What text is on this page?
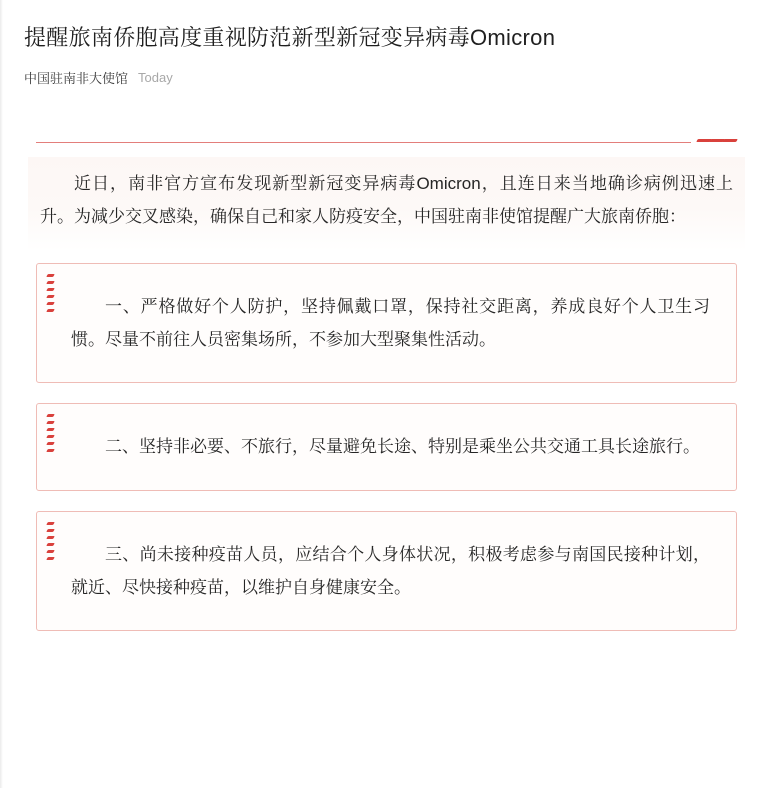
提醒旅南侨胞高度重视防范新型新冠变异病毒Omicron
中国驻南非大使馆 Today

近日，南非官方宣布发现新型新冠变异病毒Omicron，且连日来当地确诊病例迅速上升。为减少交叉感染，确保自己和家人防疫安全，中国驻南非使馆提醒广大旅南侨胞：

一、严格做好个人防护，坚持佩戴口罩，保持社交距离，养成良好个人卫生习惯。尽量不前往人员密集场所，不参加大型聚集性活动。

二、坚持非必要、不旅行，尽量避免长途、特别是乘坐公共交通工具长途旅行。

三、尚未接种疫苗人员，应结合个人身体状况，积极考虑参与南国民接种计划，就近、尽快接种疫苗，以维护自身健康安全。
